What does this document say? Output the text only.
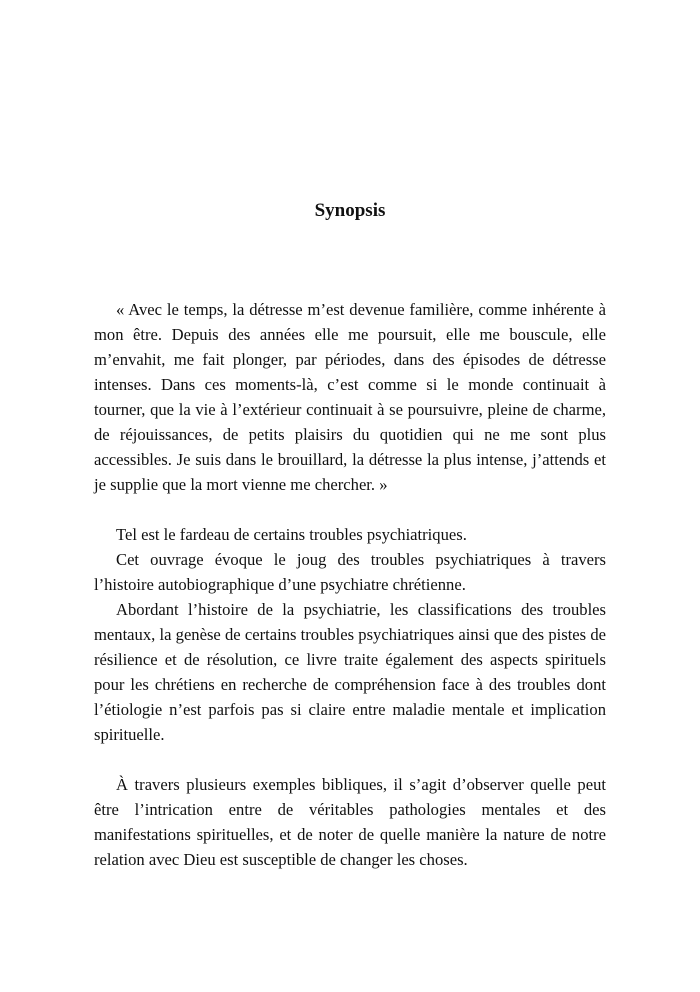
Synopsis

« Avec le temps, la détresse m’est devenue familière, comme inhérente à mon être. Depuis des années elle me poursuit, elle me bouscule, elle m’envahit, me fait plonger, par périodes, dans des épisodes de détresse intenses. Dans ces moments-là, c’est comme si le monde continuait à tourner, que la vie à l’extérieur continuait à se poursuivre, pleine de charme, de réjouissances, de petits plaisirs du quotidien qui ne me sont plus accessibles. Je suis dans le brouillard, la détresse la plus intense, j’attends et je supplie que la mort vienne me chercher. »

Tel est le fardeau de certains troubles psychiatriques.

Cet ouvrage évoque le joug des troubles psychiatriques à travers l’histoire autobiographique d’une psychiatre chrétienne.

Abordant l’histoire de la psychiatrie, les classifications des troubles mentaux, la genèse de certains troubles psychiatriques ainsi que des pistes de résilience et de résolution, ce livre traite également des aspects spirituels pour les chrétiens en recherche de compréhension face à des troubles dont l’étiologie n’est parfois pas si claire entre maladie mentale et implication spirituelle.

À travers plusieurs exemples bibliques, il s’agit d’observer quelle peut être l’intrication entre de véritables pathologies mentales et des manifestations spirituelles, et de noter de quelle manière la nature de notre relation avec Dieu est susceptible de changer les choses.
